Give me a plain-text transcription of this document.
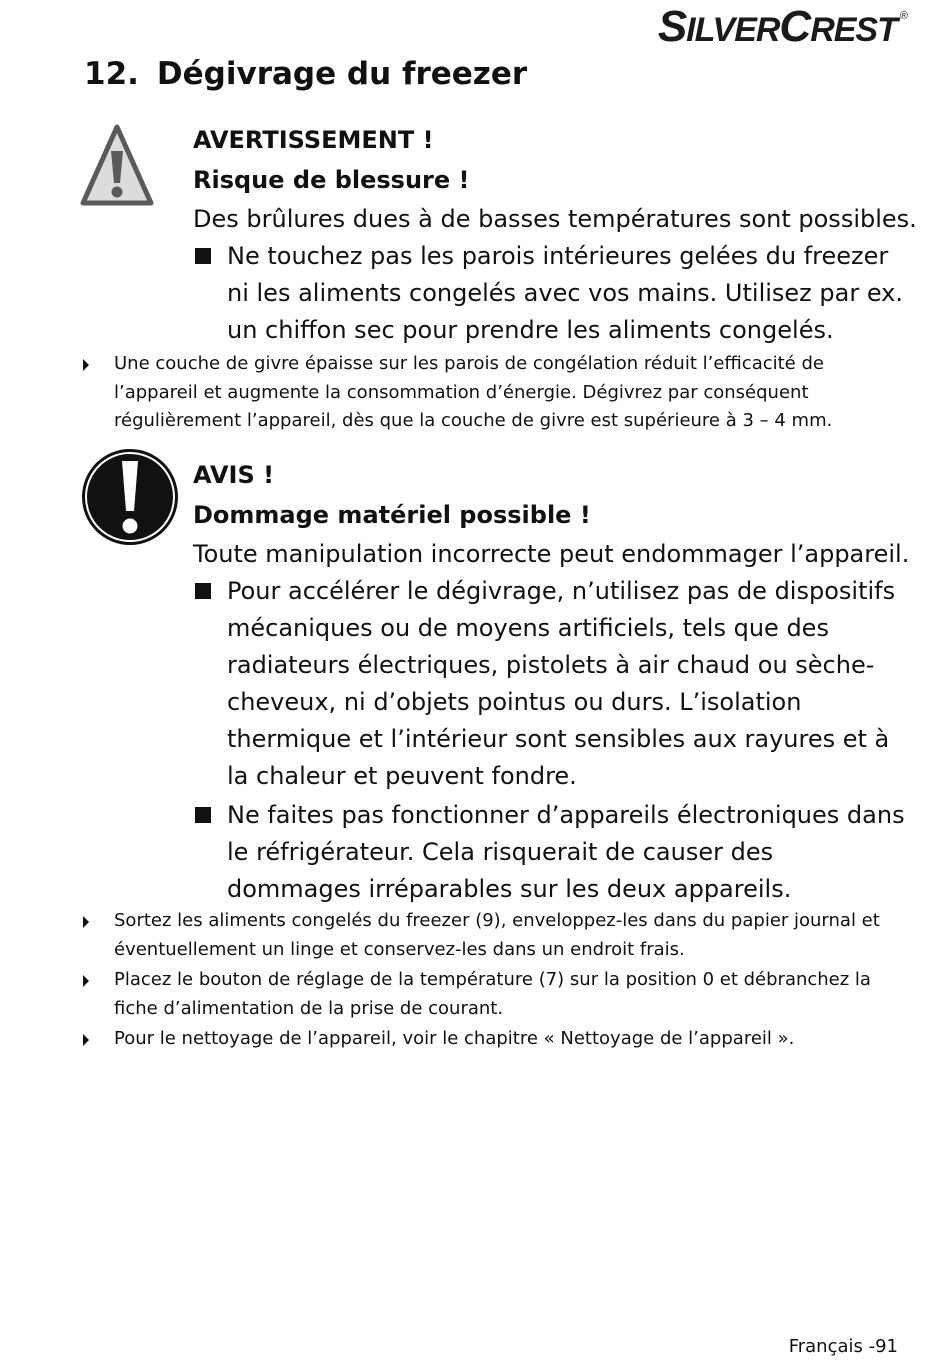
SILVERCREST ®
12. Dégivrage du freezer
AVERTISSEMENT !
Risque de blessure !
Des brûlures dues à de basses températures sont possibles.

Ne touchez pas les parois intérieures gelées du freezer ni les aliments congelés avec vos mains. Utilisez par ex. un chiffon sec pour prendre les aliments congelés.

Une couche de givre épaisse sur les parois de congélation réduit l’efficacité de l’appareil et augmente la consommation d’énergie. Dégivrez par conséquent régulièrement l’appareil, dès que la couche de givre est supérieure à 3 – 4 mm.
AVIS !
Dommage matériel possible !
Toute manipulation incorrecte peut endommager l’appareil.

Pour accélérer le dégivrage, n’utilisez pas de dispositifs mécaniques ou de moyens artificiels, tels que des radiateurs électriques, pistolets à air chaud ou sèche-cheveux, ni d’objets pointus ou durs. L’isolation thermique et l’intérieur sont sensibles aux rayures et à la chaleur et peuvent fondre.

Ne faites pas fonctionner d’appareils électroniques dans le réfrigérateur. Cela risquerait de causer des dommages irréparables sur les deux appareils.

Sortez les aliments congelés du freezer (9), enveloppez-les dans du papier journal et éventuellement un linge et conservez-les dans un endroit frais.
Placez le bouton de réglage de la température (7) sur la position 0 et débranchez la fiche d’alimentation de la prise de courant.
Pour le nettoyage de l’appareil, voir le chapitre « Nettoyage de l’appareil ».
Français -91
